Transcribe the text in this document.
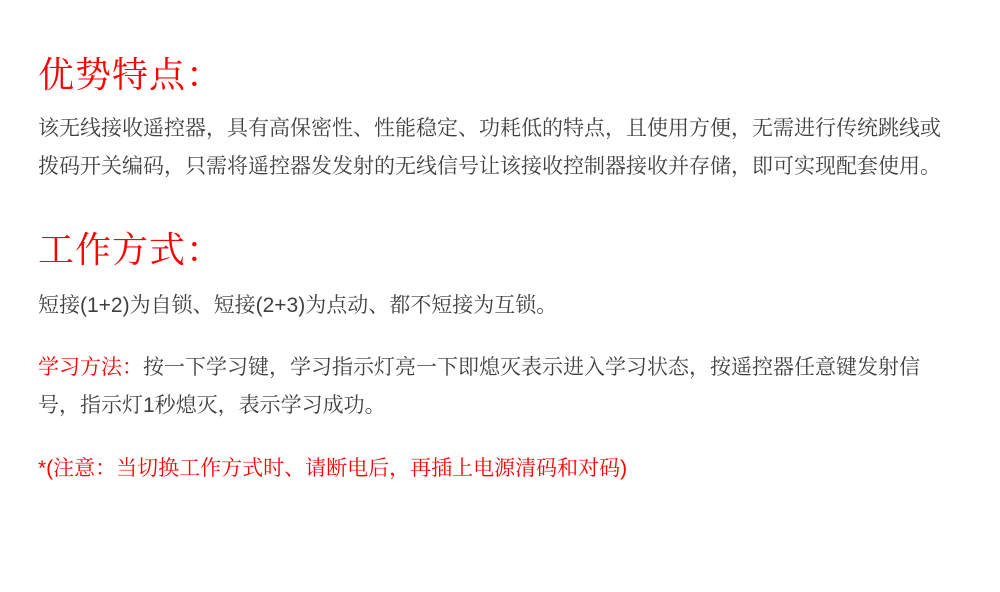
优势特点：

该无线接收遥控器，具有高保密性、性能稳定、功耗低的特点，且使用方便，无需进行传统跳线或拨码开关编码，只需将遥控器发发射的无线信号让该接收控制器接收并存储，即可实现配套使用。

工作方式：

短接(1+2)为自锁、短接(2+3)为点动、都不短接为互锁。

学习方法：按一下学习键，学习指示灯亮一下即熄灭表示进入学习状态，按遥控器任意键发射信号，指示灯1秒熄灭，表示学习成功。

*(注意：当切换工作方式时、请断电后，再插上电源清码和对码)
